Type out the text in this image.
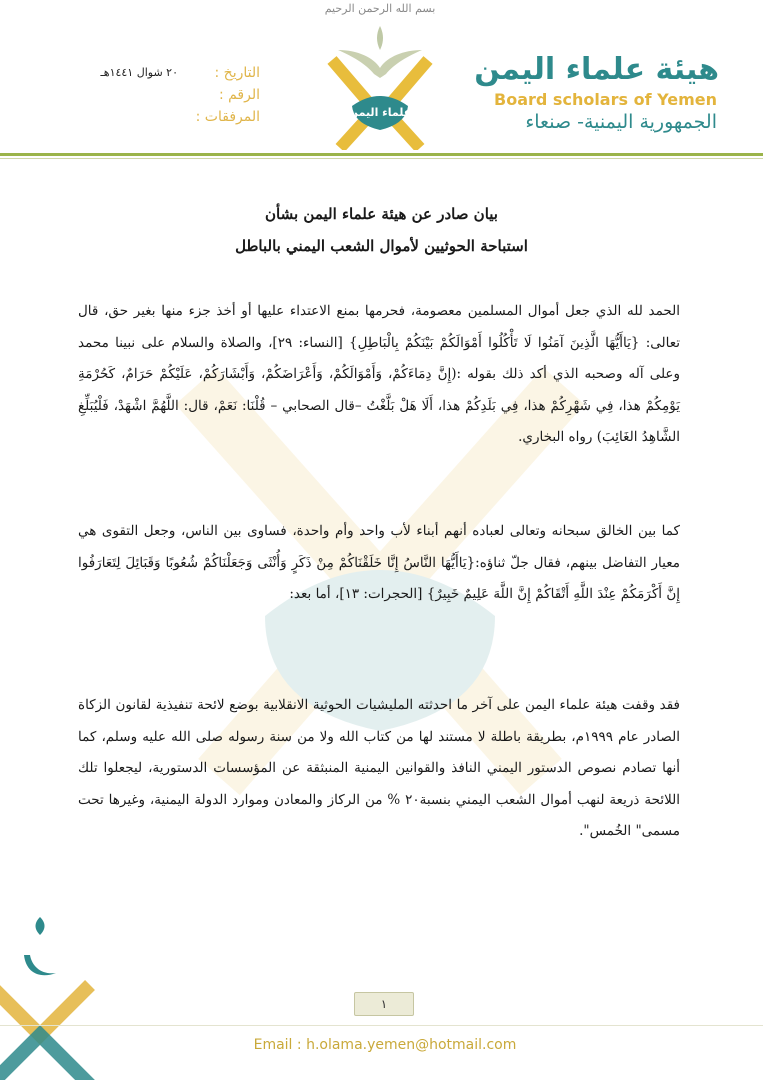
بسم الله الرحمن الرحيم
علماء اليمن
هيئة علماء اليمن
Board scholars of Yemen
الجمهورية اليمنية- صنعاء
التاريخ :
٢٠ شوال ١٤٤١هـ
الرقم :
المرفقات :
بيان صادر عن هيئة علماء اليمن بشأن
استباحة الحوثيين لأموال الشعب اليمني بالباطل

الحمد لله الذي جعل أموال المسلمين معصومة، فحرمها بمنع الاعتداء عليها أو أخذ جزء منها بغير حق، قال تعالى: {يَاأَيُّهَا الَّذِينَ آمَنُوا لَا تَأْكُلُوا أَمْوَالَكُمْ بَيْنَكُمْ بِالْبَاطِلِ} [النساء: ٢٩]، والصلاة والسلام على نبينا محمد وعلى آله وصحبه الذي أكد ذلك بقوله :(إِنَّ دِمَاءَكُمْ، وَأَمْوَالَكُمْ، وَأَعْرَاضَكُمْ، وَأَبْشَارَكُمْ، عَلَيْكُمْ حَرَامٌ، كَحُرْمَةِ يَوْمِكُمْ هذا، فِي شَهْرِكُمْ هذا، فِي بَلَدِكُمْ هذا، أَلَا هَلْ بَلَّغْتُ –قال الصحابي – قُلْنَا: نَعَمْ، قال: اللَّهُمَّ اشْهَدْ، فَلْيُبَلِّغِ الشَّاهِدُ الغَائِبَ) رواه البخاري.

كما بين الخالق سبحانه وتعالى لعباده أنهم أبناء لأب واحد وأم واحدة، فساوى بين الناس، وجعل التقوى هي معيار التفاضل بينهم، فقال جلّ ثناؤه:{يَاأَيُّهَا النَّاسُ إِنَّا خَلَقْنَاكُمْ مِنْ ذَكَرٍ وَأُنْثَى وَجَعَلْنَاكُمْ شُعُوبًا وَقَبَائِلَ لِتَعَارَفُوا إِنَّ أَكْرَمَكُمْ عِنْدَ اللَّهِ أَتْقَاكُمْ إِنَّ اللَّهَ عَلِيمٌ خَبِيرٌ} [الحجرات: ١٣]، أما بعد:

فقد وقفت هيئة علماء اليمن على آخر ما احدثته المليشيات الحوثية الانقلابية بوضع لائحة تنفيذية لقانون الزكاة الصادر عام ١٩٩٩م، بطريقة باطلة لا مستند لها من كتاب الله ولا من سنة رسوله صلى الله عليه وسلم، كما أنها تصادم نصوص الدستور اليمني النافذ والقوانين اليمنية المنبثقة عن المؤسسات الدستورية، ليجعلوا تلك اللائحة ذريعة لنهب أموال الشعب اليمني بنسبة٢٠ % من الركاز والمعادن وموارد الدولة اليمنية، وغيرها تحت مسمى" الخُمس".

١
Email : h.olama.yemen@hotmail.com
